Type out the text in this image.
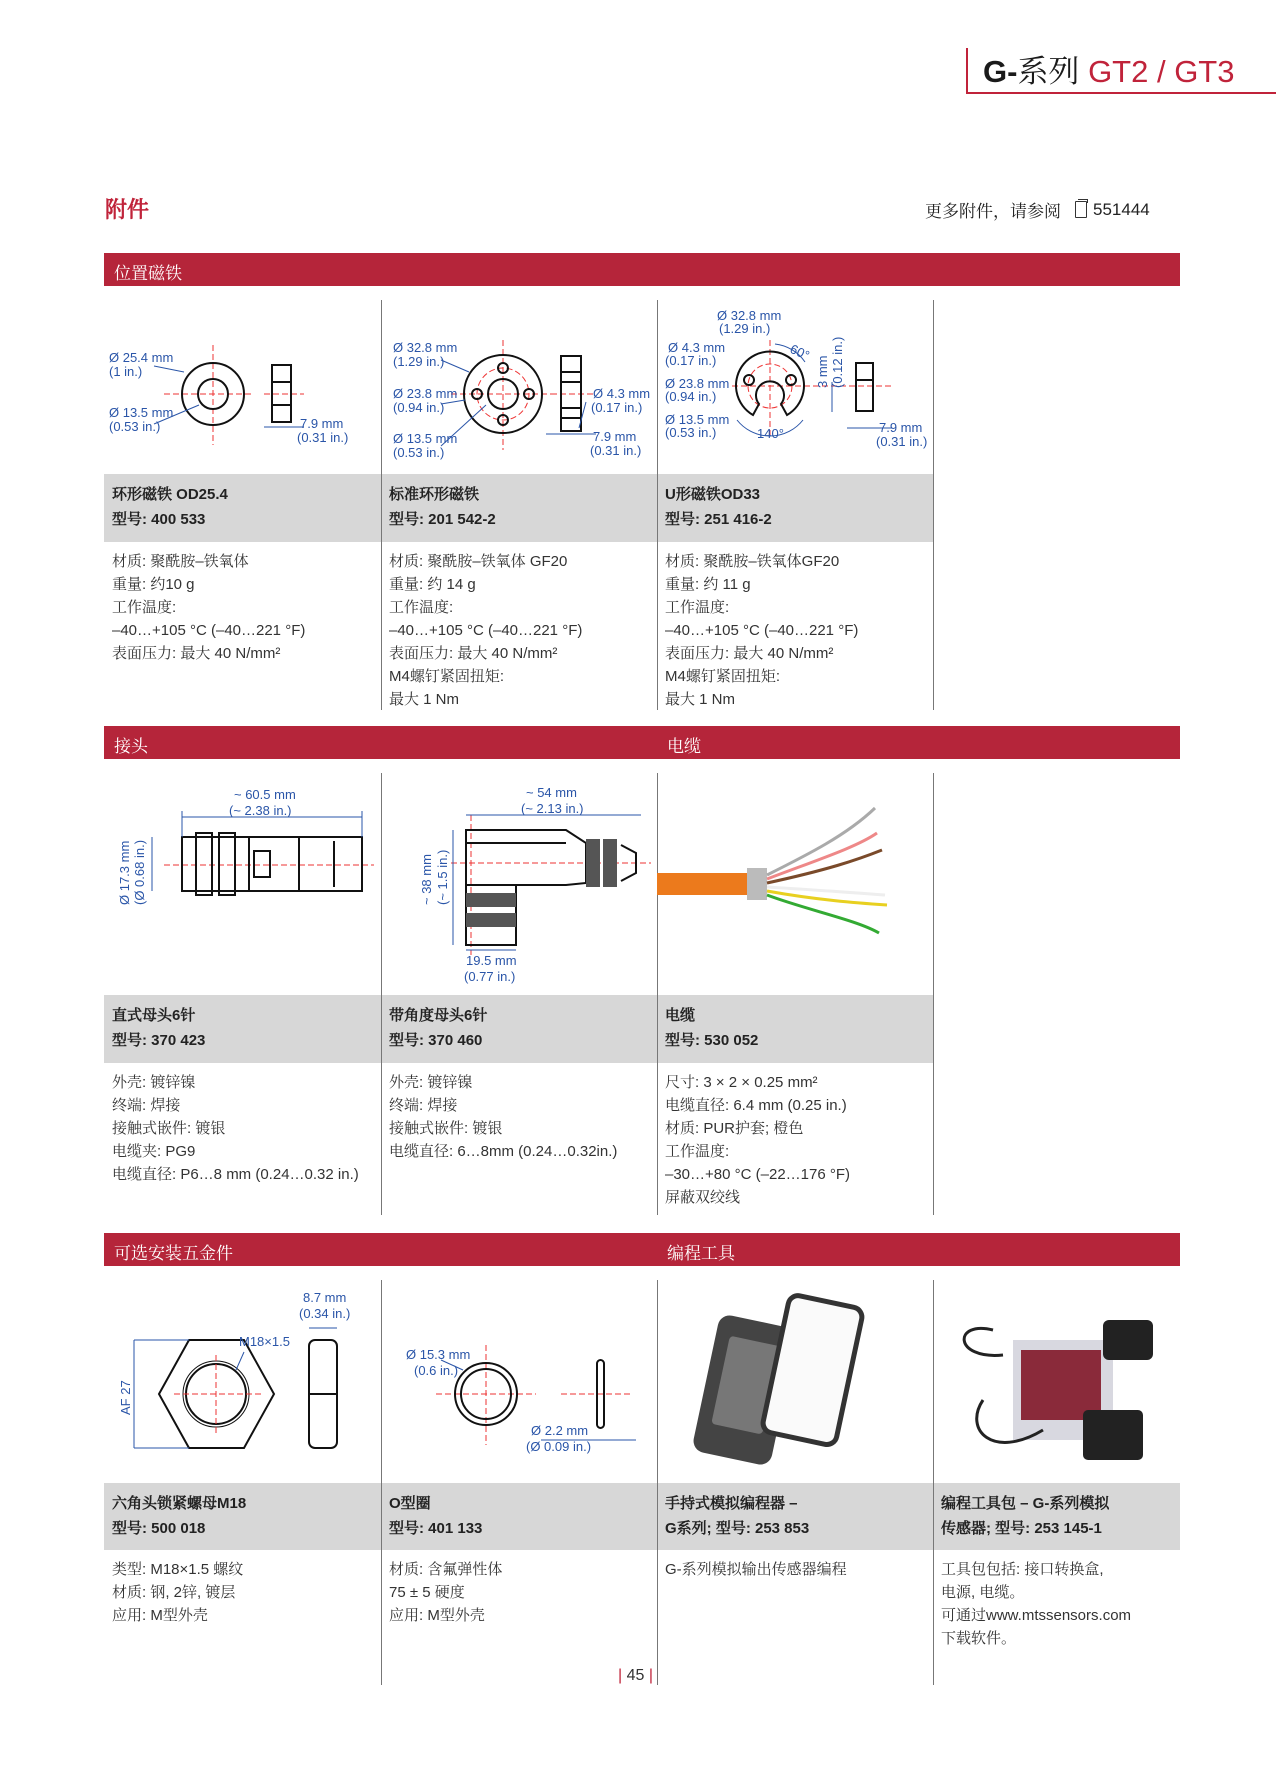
G-系列 GT2 / GT3
附件	更多附件，请参阅 551444
位置磁铁
接头	电缆
可选安装五金件	编程工具
环形磁铁 OD25.4
型号: 400 533
材质: 聚酰胺–铁氧体
重量: 约10 g
工作温度:
–40…+105 °C (–40…221 °F)
表面压力: 最大 40 N/mm²
标准环形磁铁
型号: 201 542-2
材质: 聚酰胺–铁氧体 GF20
重量: 约 14 g
工作温度:
–40…+105 °C (–40…221 °F)
表面压力: 最大 40 N/mm²
M4螺钉紧固扭矩:
最大 1 Nm
U形磁铁OD33
型号: 251 416-2
材质: 聚酰胺–铁氧体GF20
重量: 约 11 g
工作温度:
–40…+105 °C (–40…221 °F)
表面压力: 最大 40 N/mm²
M4螺钉紧固扭矩:
最大 1 Nm
直式母头6针
型号: 370 423
外壳: 镀锌镍
终端: 焊接
接触式嵌件: 镀银
电缆夹: PG9
电缆直径: P6…8 mm (0.24…0.32 in.)
带角度母头6针
型号: 370 460
外壳: 镀锌镍
终端: 焊接
接触式嵌件: 镀银
电缆直径: 6…8mm (0.24…0.32in.)
电缆
型号: 530 052
尺寸: 3 × 2 × 0.25 mm²
电缆直径: 6.4 mm (0.25 in.)
材质: PUR护套; 橙色
工作温度:
–30…+80 °C (–22…176 °F)
屏蔽双绞线
六角头锁紧螺母M18
型号: 500 018
类型: M18×1.5 螺纹
材质: 钢, 2锌, 镀层
应用: M型外壳
O型圈
型号: 401 133
材质: 含氟弹性体
75 ± 5 硬度
应用: M型外壳
手持式模拟编程器 –
G系列; 型号: 253 853
G-系列模拟输出传感器编程
编程工具包 – G-系列模拟
传感器; 型号: 253 145-1
工具包包括: 接口转换盒,
电源, 电缆。
可通过www.mtssensors.com
下载软件。
Ø 25.4 mm
(1 in.)
Ø 13.5 mm
(0.53 in.)	7.9 mm
(0.31 in.)
Ø 32.8 mm
(1.29 in.)
Ø 23.8 mm
(0.94 in.)
Ø 13.5 mm
(0.53 in.)
Ø 4.3 mm
(0.17 in.)
7.9 mm
(0.31 in.)
Ø 32.8 mm
(1.29 in.)
Ø 4.3 mm
(0.17 in.)
Ø 23.8 mm
(0.94 in.)
Ø 13.5 mm
(0.53 in.)
60°
3 mm (0.12 in.)
140°	7.9 mm
(0.31 in.)
~ 60.5 mm
(~ 2.38 in.)
Ø 17.3 mm (Ø 0.68 in.)
~ 54 mm
(~ 2.13 in.)
~ 38 mm (~ 1.5 in.)
19.5 mm
(0.77 in.)
8.7 mm
(0.34 in.)
M18×1.5
AF 27
Ø 15.3 mm
(0.6 in.)
Ø 2.2 mm
(Ø 0.09 in.)
| 45 |
